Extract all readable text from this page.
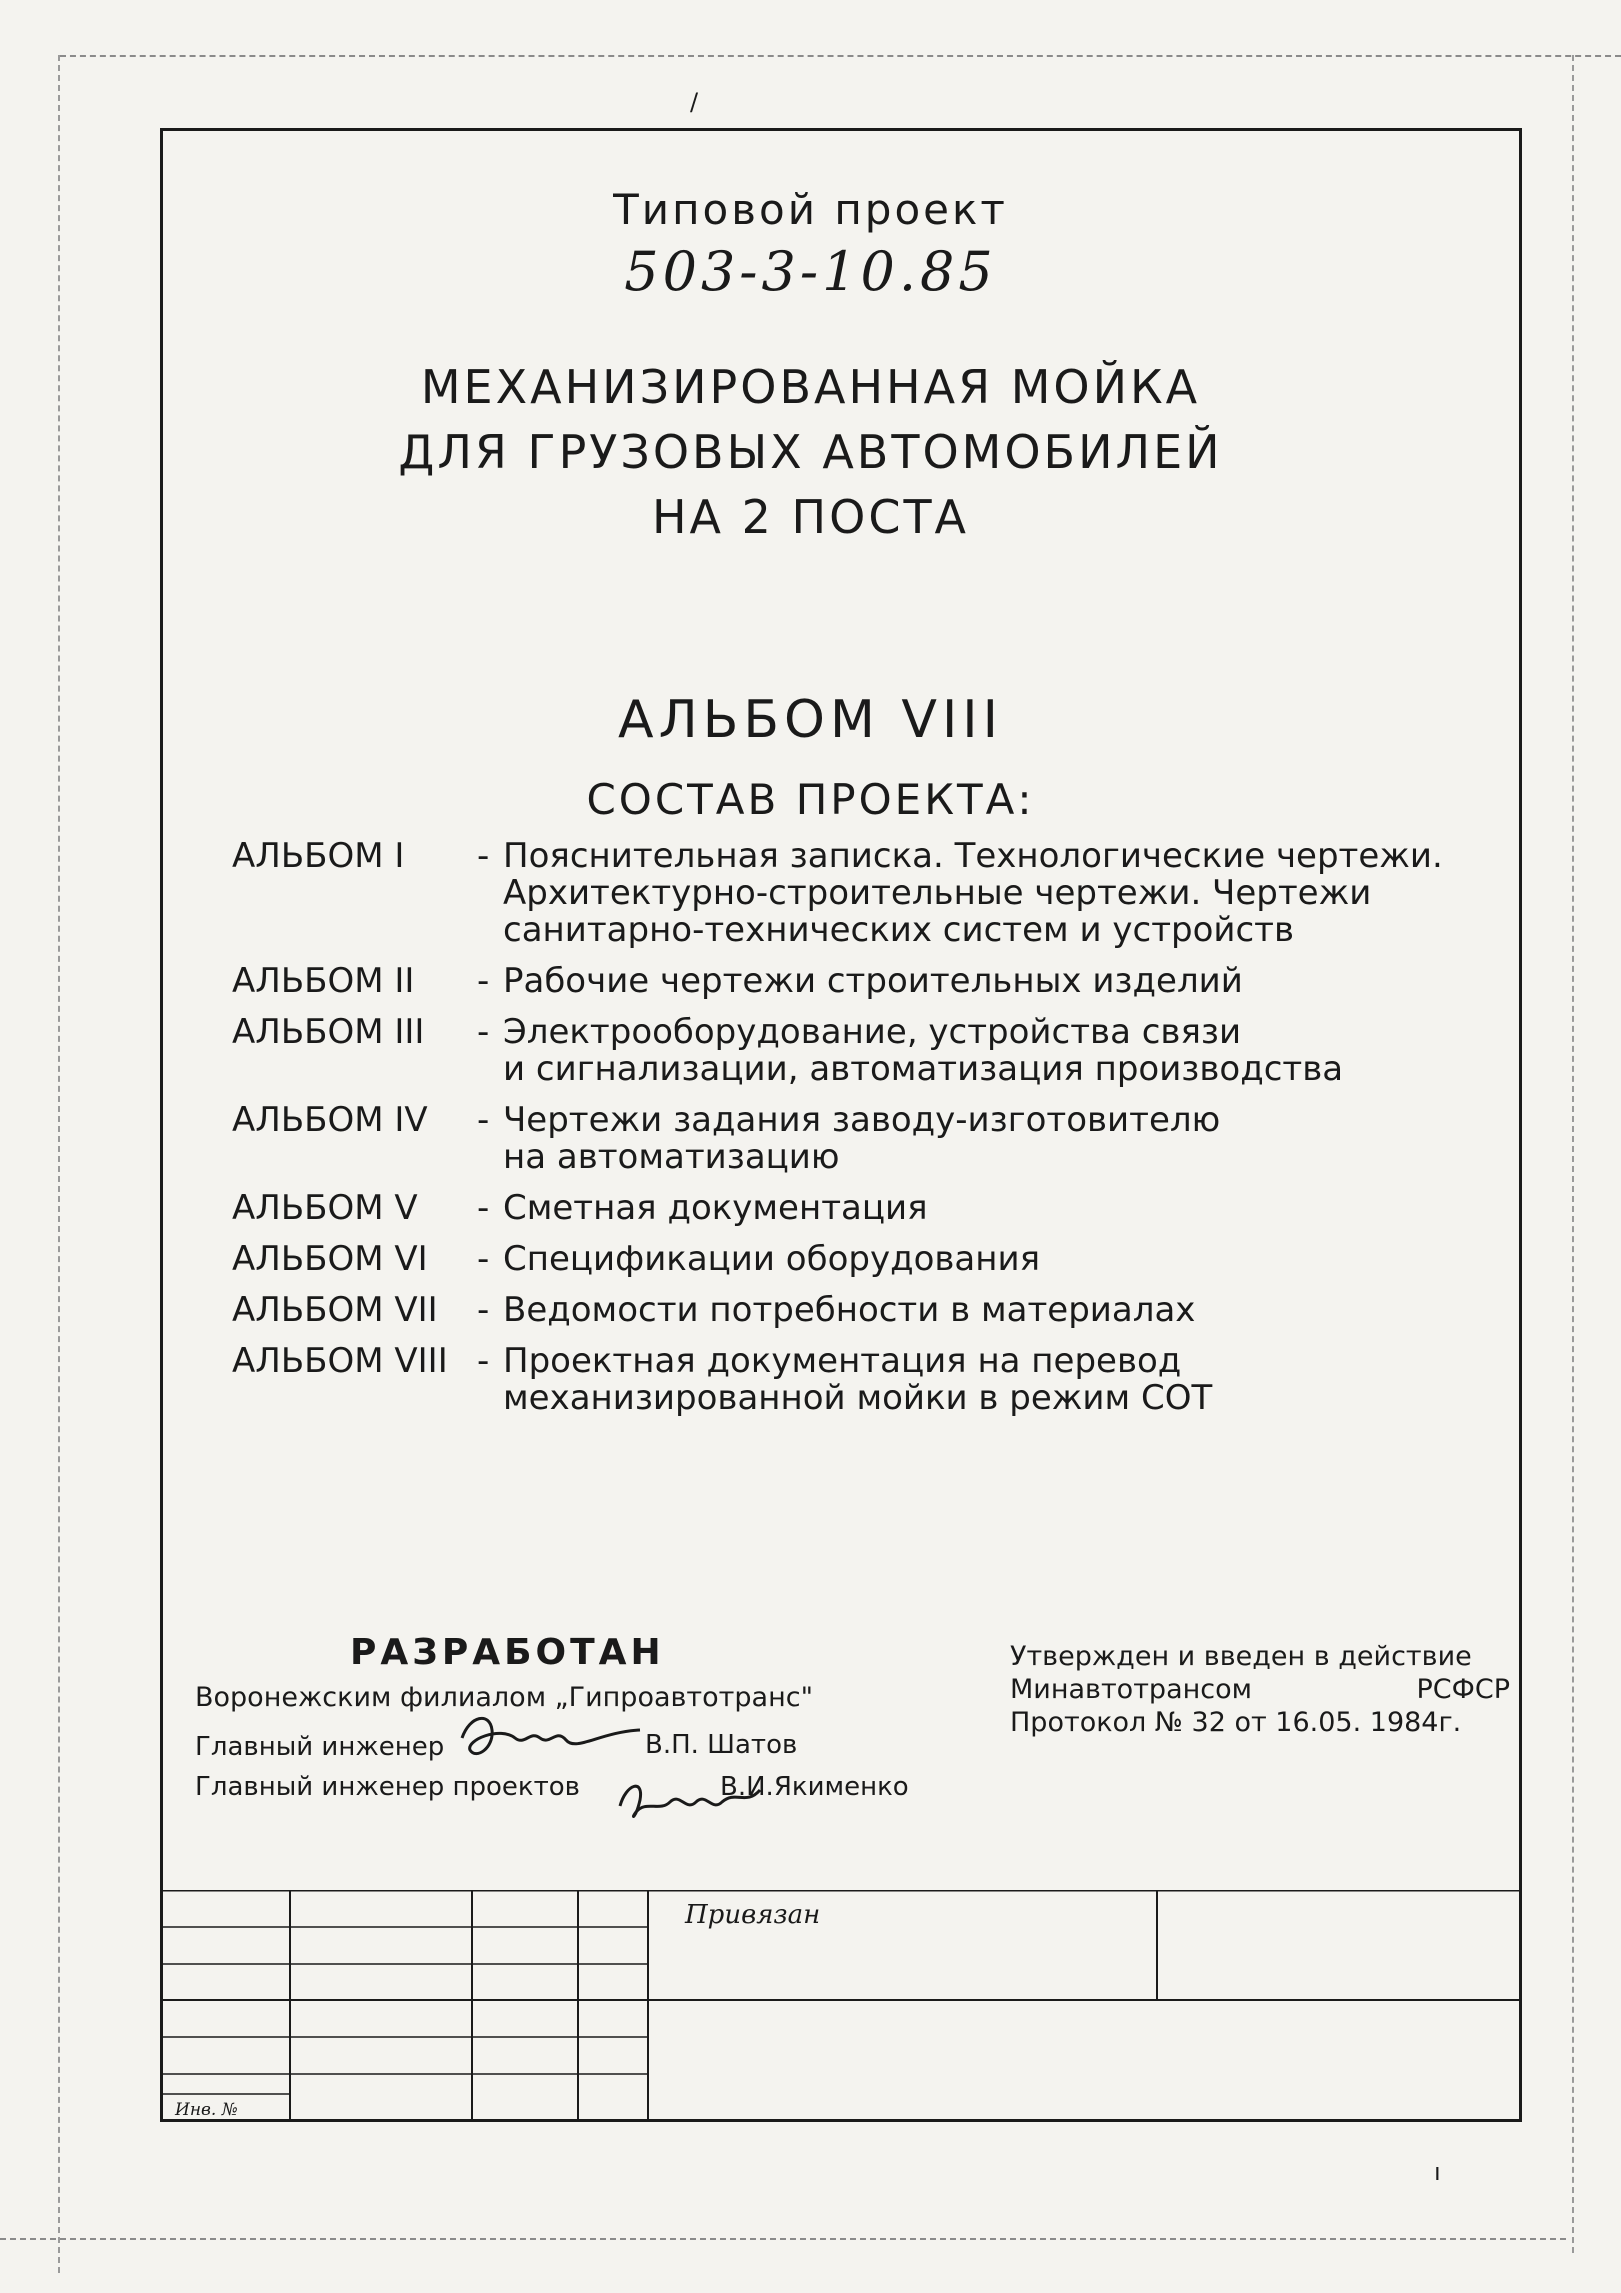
/
Типовой проект
503-3-10.85
МЕХАНИЗИРОВАННАЯ МОЙКА
ДЛЯ ГРУЗОВЫХ АВТОМОБИЛЕЙ
НА 2 ПОСТА
АЛЬБОМ VIII
СОСТАВ ПРОЕКТА:
АЛЬБОМ I	- Пояснительная записка. Технологические чертежи.
Архитектурно-строительные чертежи. Чертежи
санитарно-технических систем и устройств
АЛЬБОМ II	- Рабочие чертежи строительных изделий
АЛЬБОМ III	- Электрооборудование, устройства связи
и сигнализации, автоматизация производства
АЛЬБОМ IV	- Чертежи задания заводу-изготовителю
на автоматизацию
АЛЬБОМ V	- Сметная документация
АЛЬБОМ VI	- Спецификации оборудования
АЛЬБОМ VII	- Ведомости потребности в материалах
АЛЬБОМ VIII - Проектная документация на перевод
механизированной мойки в режим СОТ
РАЗРАБОТАН
Воронежским филиалом „Гипроавтотранс"
Главный инженер	В.П. Шатов
Главный инженер проектов	В.И.Якименко
Утвержден и введен в действие
Минавтотрансом	РСФСР
Протокол № 32 от 16.05. 1984г.
Привязан
Инв. №
ı
